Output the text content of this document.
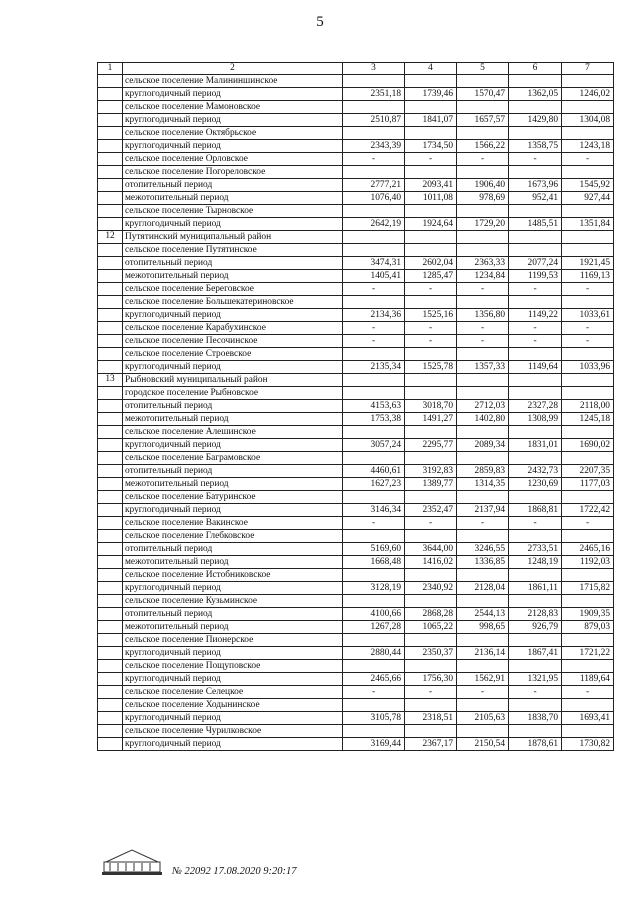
5
1	2	3	4	5	6	7
	сельское поселение Малининшинское					
	круглогодичный период	2351,18	1739,46	1570,47	1362,05	1246,02
	сельское поселение Мамоновское					
	круглогодичный период	2510,87	1841,07	1657,57	1429,80	1304,08
	сельское поселение Октябрьское					
	круглогодичный период	2343,39	1734,50	1566,22	1358,75	1243,18
	сельское поселение Орловское	-	-	-	-	-
	сельское поселение Погореловское					
	отопительный период	2777,21	2093,41	1906,40	1673,96	1545,92
	межотопительный период	1076,40	1011,08	978,69	952,41	927,44
	сельское поселение Тырновское					
	круглогодичный период	2642,19	1924,64	1729,20	1485,51	1351,84
12	Путятинский муниципальный район					
	сельское поселение Путятинское					
	отопительный период	3474,31	2602,04	2363,33	2077,24	1921,45
	межотопительный период	1405,41	1285,47	1234,84	1199,53	1169,13
	сельское поселение Береговское	-	-	-	-	-
	сельское поселение Большекатериновское					
	круглогодичный период	2134,36	1525,16	1356,80	1149,22	1033,61
	сельское поселение Карабухинское	-	-	-	-	-
	сельское поселение Песочинское	-	-	-	-	-
	сельское поселение Строевское					
	круглогодичный период	2135,34	1525,78	1357,33	1149,64	1033,96
13	Рыбновский муниципальный район					
	городское поселение Рыбновское					
	отопительный период	4153,63	3018,70	2712,03	2327,28	2118,00
	межотопительный период	1753,38	1491,27	1402,80	1308,99	1245,18
	сельское поселение Алешинское					
	круглогодичный период	3057,24	2295,77	2089,34	1831,01	1690,02
	сельское поселение Баграмовское					
	отопительный период	4460,61	3192,83	2859,83	2432,73	2207,35
	межотопительный период	1627,23	1389,77	1314,35	1230,69	1177,03
	сельское поселение Батуринское					
	круглогодичный период	3146,34	2352,47	2137,94	1868,81	1722,42
	сельское поселение Вакинское	-	-	-	-	-
	сельское поселение Глебковское					
	отопительный период	5169,60	3644,00	3246,55	2733,51	2465,16
	межотопительный период	1668,48	1416,02	1336,85	1248,19	1192,03
	сельское поселение Истобниковское					
	круглогодичный период	3128,19	2340,92	2128,04	1861,11	1715,82
	сельское поселение Кузьминское					
	отопительный период	4100,66	2868,28	2544,13	2128,83	1909,35
	межотопительный период	1267,28	1065,22	998,65	926,79	879,03
	сельское поселение Пионерское					
	круглогодичный период	2880,44	2350,37	2136,14	1867,41	1721,22
	сельское поселение Пощуповское					
	круглогодичный период	2465,66	1756,30	1562,91	1321,95	1189,64
	сельское поселение Селецкое	-	-	-	-	-
	сельское поселение Ходынинское					
	круглогодичный период	3105,78	2318,51	2105,63	1838,70	1693,41
	сельское поселение Чурилковское					
	круглогодичный период	3169,44	2367,17	2150,54	1878,61	1730,82
№ 22092 17.08.2020 9:20:17
